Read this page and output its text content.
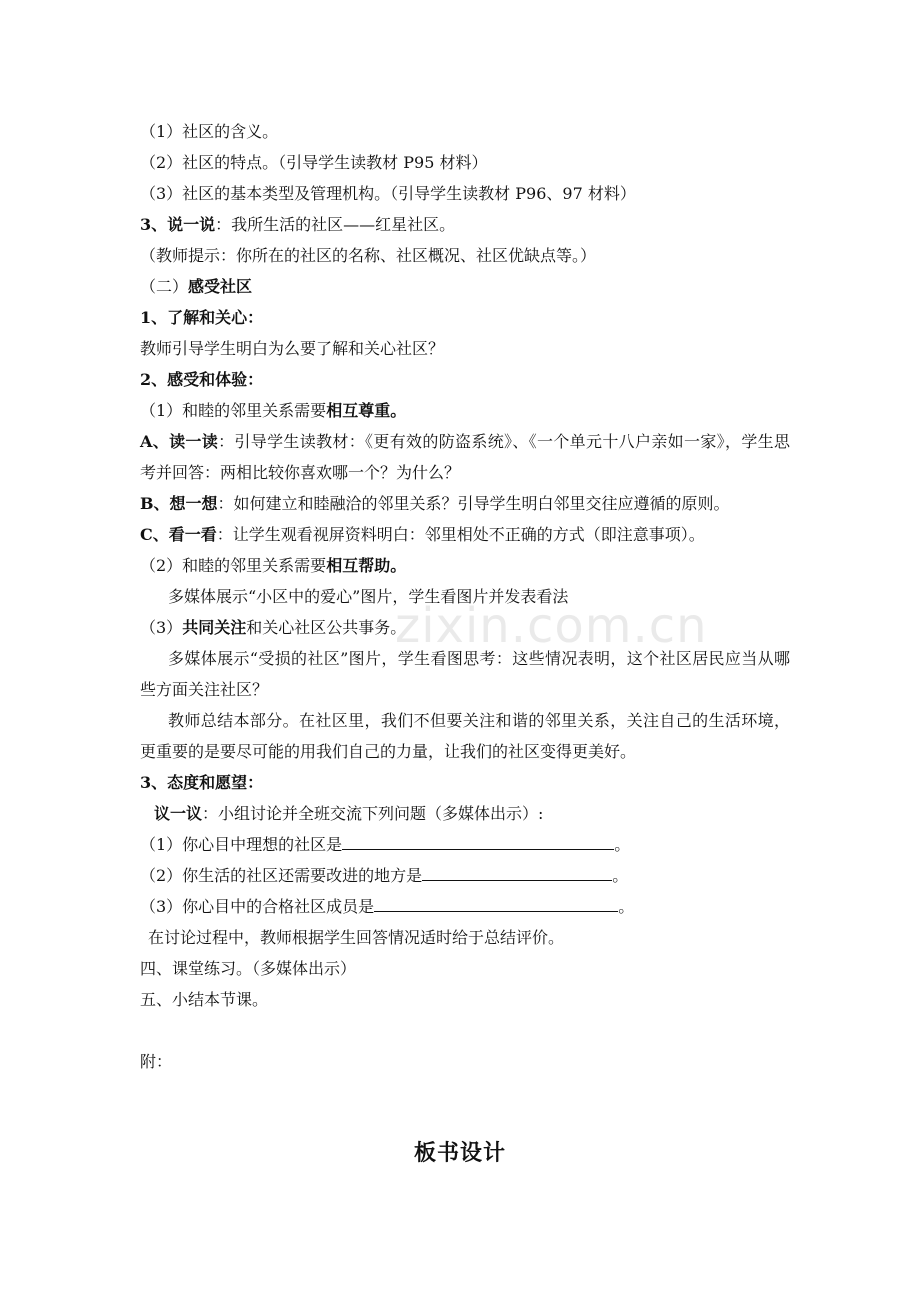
（1）社区的含义。
（2）社区的特点。（引导学生读教材 P95 材料）
（3）社区的基本类型及管理机构。（引导学生读教材 P96、97 材料）
3、说一说：我所生活的社区——红星社区。
（教师提示：你所在的社区的名称、社区概况、社区优缺点等。）
（二）感受社区
1、了解和关心：
教师引导学生明白为么要了解和关心社区？
2、感受和体验：
（1）和睦的邻里关系需要相互尊重。
A、读一读：引导学生读教材：《更有效的防盗系统》、《一个单元十八户亲如一家》，学生思考并回答：两相比较你喜欢哪一个？为什么？
B、想一想：如何建立和睦融洽的邻里关系？引导学生明白邻里交往应遵循的原则。
C、看一看：让学生观看视屏资料明白：邻里相处不正确的方式（即注意事项）。
（2）和睦的邻里关系需要相互帮助。
多媒体展示“小区中的爱心”图片，学生看图片并发表看法
（3）共同关注和关心社区公共事务。
多媒体展示“受损的社区”图片，学生看图思考：这些情况表明，这个社区居民应当从哪些方面关注社区？
教师总结本部分。在社区里，我们不但要关注和谐的邻里关系，关注自己的生活环境，更重要的是要尽可能的用我们自己的力量，让我们的社区变得更美好。
3、态度和愿望：
议一议：小组讨论并全班交流下列问题（多媒体出示）:
（1）你心目中理想的社区是	。
（2）你生活的社区还需要改进的地方是	。
（3）你心目中的合格社区成员是	。
在讨论过程中，教师根据学生回答情况适时给于总结评价。
四、课堂练习。（多媒体出示）
五、小结本节课。
附：
板书设计
zixin.com.cn
